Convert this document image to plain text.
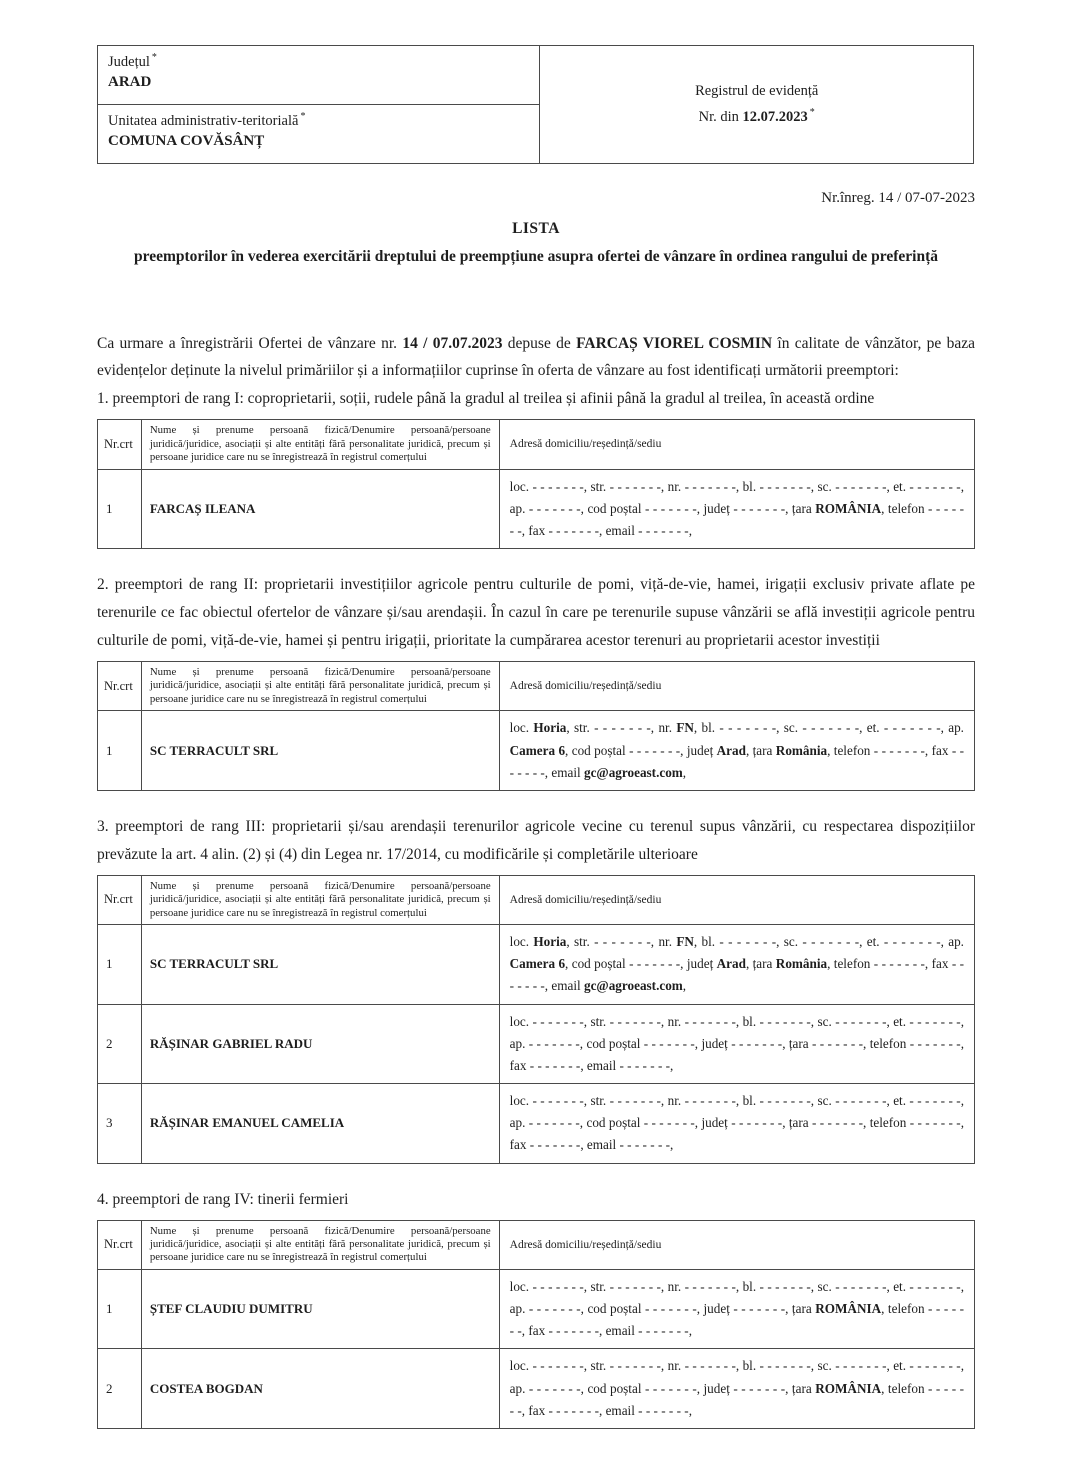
Județul *
ARAD
Unitatea administrativ-teritorială *
COMUNA COVĂSÂNȚ
Registrul de evidență
Nr. din 12.07.2023 *
Nr.înreg. 14 / 07-07-2023
LISTA
preemptorilor în vederea exercitării dreptului de preempțiune asupra ofertei de vânzare în ordinea rangului de preferință

Ca urmare a înregistrării Ofertei de vânzare nr. 14 / 07.07.2023 depuse de FARCAȘ VIOREL COSMIN în calitate de vânzător, pe baza evidențelor deținute la nivelul primăriilor și a informațiilor cuprinse în oferta de vânzare au fost identificați următorii preemptori:

1. preemptori de rang I: coproprietarii, soții, rudele până la gradul al treilea și afinii până la gradul al treilea, în această ordine

Nr.crt	Nume și prenume persoană fizică/Denumire persoană/persoane juridică/juridice, asociații și alte entități fără personalitate juridică, precum și persoane juridice care nu se înregistrează în registrul comerțului	Adresă domiciliu/reședință/sediu
1	FARCAȘ ILEANA	loc. - - - - - - -, str. - - - - - - -, nr. - - - - - - -, bl. - - - - - - -, sc. - - - - - - -, et. - - - - - - -, ap. - - - - - - -, cod poștal - - - - - - -, județ - - - - - - -, țara ROMÂNIA, telefon - - - - - - -, fax - - - - - - -, email - - - - - - -,

2. preemptori de rang II: proprietarii investițiilor agricole pentru culturile de pomi, viță-de-vie, hamei, irigații exclusiv private aflate pe terenurile ce fac obiectul ofertelor de vânzare și/sau arendașii. În cazul în care pe terenurile supuse vânzării se află investiții agricole pentru culturile de pomi, viță-de-vie, hamei și pentru irigații, prioritate la cumpărarea acestor terenuri au proprietarii acestor investiții

Nr.crt	Nume și prenume persoană fizică/Denumire persoană/persoane juridică/juridice, asociații și alte entități fără personalitate juridică, precum și persoane juridice care nu se înregistrează în registrul comerțului	Adresă domiciliu/reședință/sediu
1	SC TERRACULT SRL	loc. Horia, str. - - - - - - -, nr. FN, bl. - - - - - - -, sc. - - - - - - -, et. - - - - - - -, ap. Camera 6, cod poștal - - - - - - -, județ Arad, țara România, telefon - - - - - - -, fax - - - - - - -, email gc@agroeast.com,

3. preemptori de rang III: proprietarii și/sau arendașii terenurilor agricole vecine cu terenul supus vânzării, cu respectarea dispozițiilor prevăzute la art. 4 alin. (2) și (4) din Legea nr. 17/2014, cu modificările și completările ulterioare

Nr.crt	Nume și prenume persoană fizică/Denumire persoană/persoane juridică/juridice, asociații și alte entități fără personalitate juridică, precum și persoane juridice care nu se înregistrează în registrul comerțului	Adresă domiciliu/reședință/sediu
1	SC TERRACULT SRL	loc. Horia, str. - - - - - - -, nr. FN, bl. - - - - - - -, sc. - - - - - - -, et. - - - - - - -, ap. Camera 6, cod poștal - - - - - - -, județ Arad, țara România, telefon - - - - - - -, fax - - - - - - -, email gc@agroeast.com,
2	RĂȘINAR GABRIEL RADU	loc. - - - - - - -, str. - - - - - - -, nr. - - - - - - -, bl. - - - - - - -, sc. - - - - - - -, et. - - - - - - -, ap. - - - - - - -, cod poștal - - - - - - -, județ - - - - - - -, țara - - - - - - -, telefon - - - - - - -, fax - - - - - - -, email - - - - - - -,
3	RĂȘINAR EMANUEL CAMELIA	loc. - - - - - - -, str. - - - - - - -, nr. - - - - - - -, bl. - - - - - - -, sc. - - - - - - -, et. - - - - - - -, ap. - - - - - - -, cod poștal - - - - - - -, județ - - - - - - -, țara - - - - - - -, telefon - - - - - - -, fax - - - - - - -, email - - - - - - -,

4. preemptori de rang IV: tinerii fermieri

Nr.crt	Nume și prenume persoană fizică/Denumire persoană/persoane juridică/juridice, asociații și alte entități fără personalitate juridică, precum și persoane juridice care nu se înregistrează în registrul comerțului	Adresă domiciliu/reședință/sediu
1	ȘTEF CLAUDIU DUMITRU	loc. - - - - - - -, str. - - - - - - -, nr. - - - - - - -, bl. - - - - - - -, sc. - - - - - - -, et. - - - - - - -, ap. - - - - - - -, cod poștal - - - - - - -, județ - - - - - - -, țara ROMÂNIA, telefon - - - - - - -, fax - - - - - - -, email - - - - - - -,
2	COSTEA BOGDAN	loc. - - - - - - -, str. - - - - - - -, nr. - - - - - - -, bl. - - - - - - -, sc. - - - - - - -, et. - - - - - - -, ap. - - - - - - -, cod poștal - - - - - - -, județ - - - - - - -, țara ROMÂNIA, telefon - - - - - - -, fax - - - - - - -, email - - - - - - -,
